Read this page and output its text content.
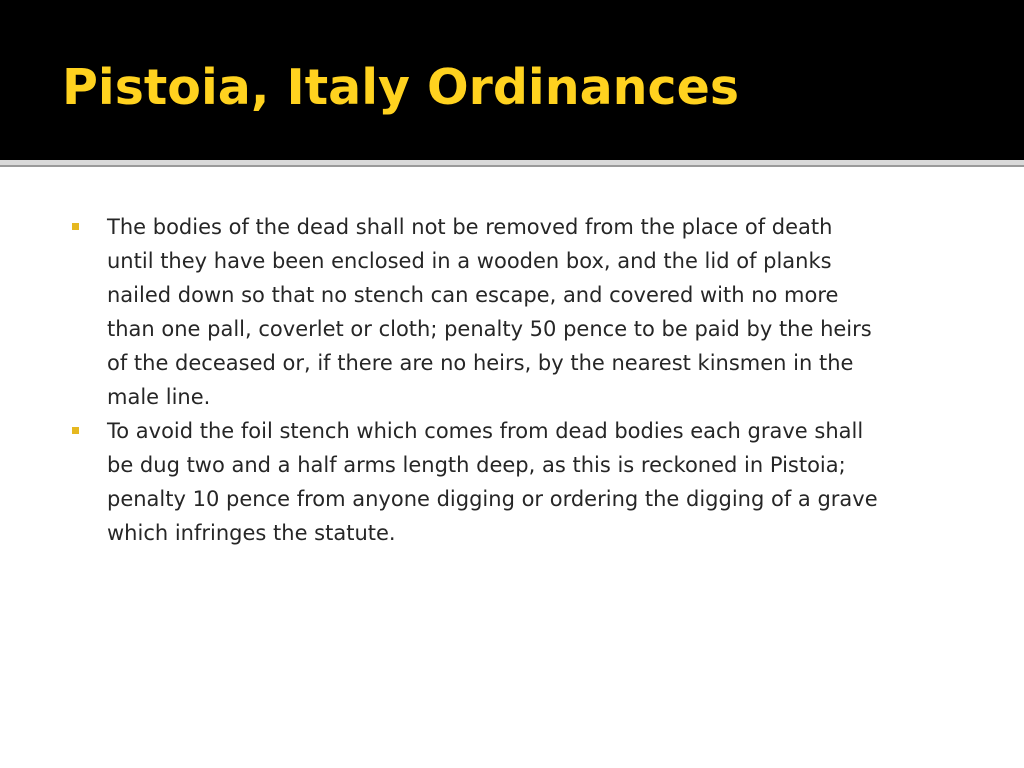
Pistoia, Italy Ordinances
The bodies of the dead shall not be removed from the place of death
until they have been enclosed in a wooden box, and the lid of planks
nailed down so that no stench can escape, and covered with no more
than one pall, coverlet or cloth; penalty 50 pence to be paid by the heirs
of the deceased or, if there are no heirs, by the nearest kinsmen in the
male line.
To avoid the foil stench which comes from dead bodies each grave shall
be dug two and a half arms length deep, as this is reckoned in Pistoia;
penalty 10 pence from anyone digging or ordering the digging of a grave
which infringes the statute.
